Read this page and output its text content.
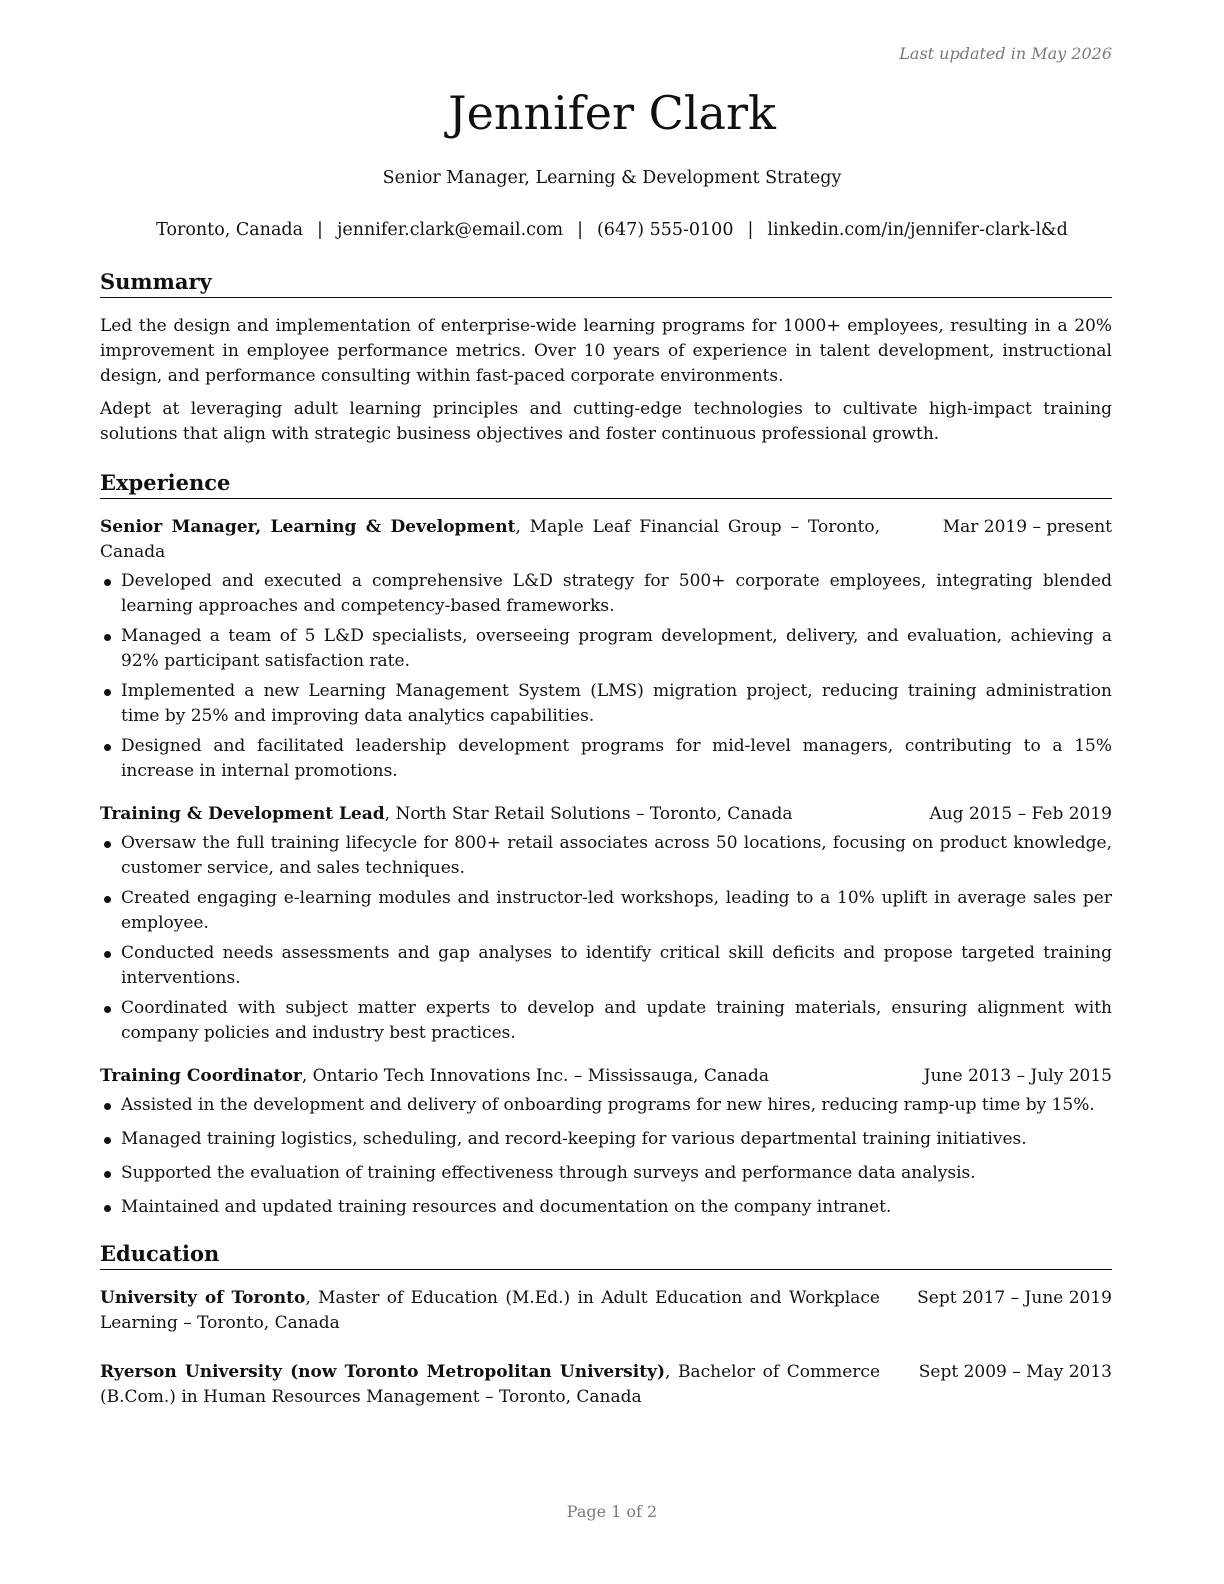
Last updated in May 2026
Jennifer Clark
Senior Manager, Learning & Development Strategy
Toronto, Canada | jennifer.clark@email.com | (647) 555-0100 | linkedin.com/in/jennifer-clark-l&d
Summary

Led the design and implementation of enterprise-wide learning programs for 1000+ employees, resulting in a 20% improvement in employee performance metrics. Over 10 years of experience in talent development, instructional design, and performance consulting within fast-paced corporate environments.

Adept at leveraging adult learning principles and cutting-edge technologies to cultivate high-impact training solutions that align with strategic business objectives and foster continuous professional growth.

Experience
Senior Manager, Learning & Development, Maple Leaf Financial Group – Toronto, Canada
Mar 2019 – present
Developed and executed a comprehensive L&D strategy for 500+ corporate employees, integrating blended learning approaches and competency-based frameworks.
Managed a team of 5 L&D specialists, overseeing program development, delivery, and evaluation, achieving a 92% participant satisfaction rate.
Implemented a new Learning Management System (LMS) migration project, reducing training administration time by 25% and improving data analytics capabilities.
Designed and facilitated leadership development programs for mid-level managers, contributing to a 15% increase in internal promotions.
Training & Development Lead, North Star Retail Solutions – Toronto, Canada	Aug 2015 – Feb 2019
Oversaw the full training lifecycle for 800+ retail associates across 50 locations, focusing on product knowledge, customer service, and sales techniques.
Created engaging e-learning modules and instructor-led workshops, leading to a 10% uplift in average sales per employee.
Conducted needs assessments and gap analyses to identify critical skill deficits and propose targeted training interventions.
Coordinated with subject matter experts to develop and update training materials, ensuring alignment with company policies and industry best practices.
Training Coordinator, Ontario Tech Innovations Inc. – Mississauga, Canada	June 2013 – July 2015
Assisted in the development and delivery of onboarding programs for new hires, reducing ramp-up time by 15%.
Managed training logistics, scheduling, and record-keeping for various departmental training initiatives.
Supported the evaluation of training effectiveness through surveys and performance data analysis.
Maintained and updated training resources and documentation on the company intranet.
Education
University of Toronto, Master of Education (M.Ed.) in Adult Education and Workplace Learning – Toronto, Canada
Sept 2017 – June 2019
Ryerson University (now Toronto Metropolitan University), Bachelor of Commerce (B.Com.) in Human Resources Management – Toronto, Canada
Sept 2009 – May 2013
Page 1 of 2
